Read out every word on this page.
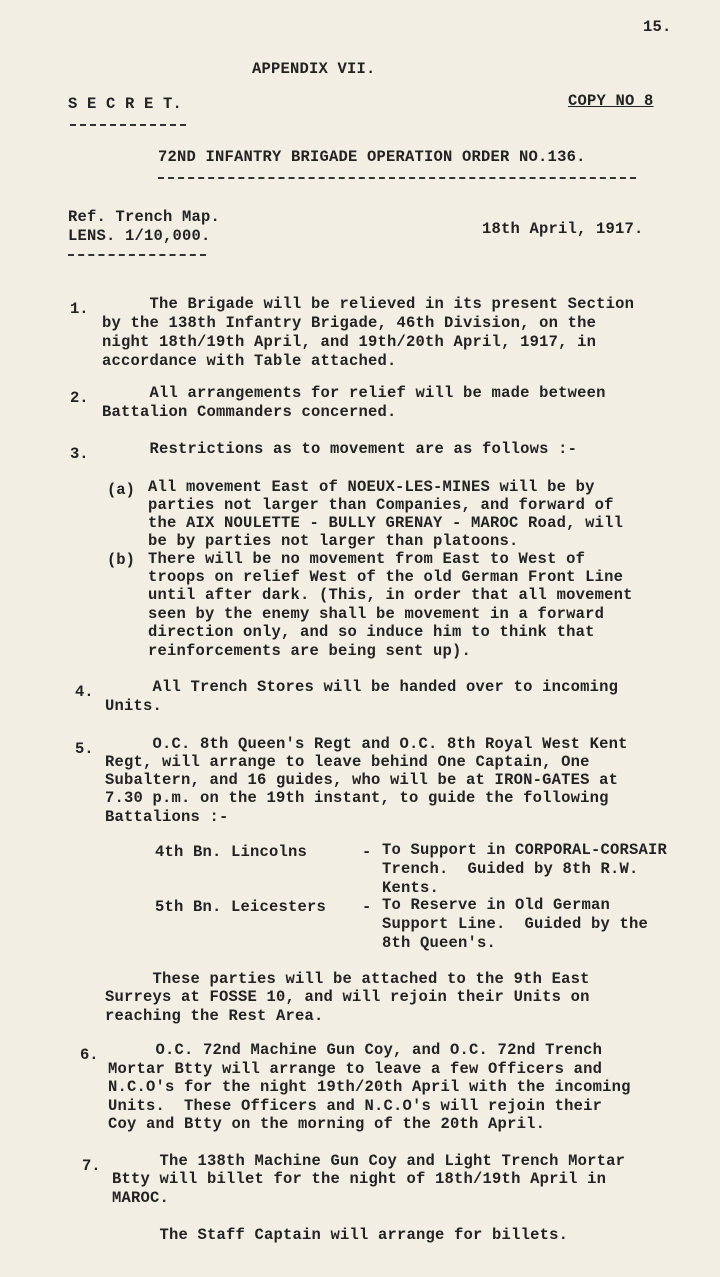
15.
APPENDIX VII.
S E C R E T.	COPY NO 8
72ND INFANTRY BRIGADE OPERATION ORDER NO.136.
Ref. Trench Map.
LENS. 1/10,000.	18th April, 1917.
1. The Brigade will be relieved in its present Section
by the 138th Infantry Brigade, 46th Division, on the
night 18th/19th April, and 19th/20th April, 1917, in
accordance with Table attached.
2. All arrangements for relief will be made between
Battalion Commanders concerned.
3. Restrictions as to movement are as follows :-
(a) All movement East of NOEUX-LES-MINES will be by
parties not larger than Companies, and forward of
the AIX NOULETTE - BULLY GRENAY - MAROC Road, will
be by parties not larger than platoons.
(b) There will be no movement from East to West of
troops on relief West of the old German Front Line
until after dark. (This, in order that all movement
seen by the enemy shall be movement in a forward
direction only, and so induce him to think that
reinforcements are being sent up).
4. All Trench Stores will be handed over to incoming
Units.
5. O.C. 8th Queen's Regt and O.C. 8th Royal West Kent
Regt, will arrange to leave behind One Captain, One
Subaltern, and 16 guides, who will be at IRON-GATES at
7.30 p.m. on the 19th instant, to guide the following
Battalions :-
4th Bn. Lincolns	- To Support in CORPORAL-CORSAIR
Trench.  Guided by 8th R.W.
Kents.
5th Bn. Leicesters - To Reserve in Old German
Support Line.  Guided by the
8th Queen's.
These parties will be attached to the 9th East
Surreys at FOSSE 10, and will rejoin their Units on
reaching the Rest Area.
6. O.C. 72nd Machine Gun Coy, and O.C. 72nd Trench
Mortar Btty will arrange to leave a few Officers and
N.C.O's for the night 19th/20th April with the incoming
Units.  These Officers and N.C.O's will rejoin their
Coy and Btty on the morning of the 20th April.
7. The 138th Machine Gun Coy and Light Trench Mortar
Btty will billet for the night of 18th/19th April in
MAROC.
The Staff Captain will arrange for billets.
